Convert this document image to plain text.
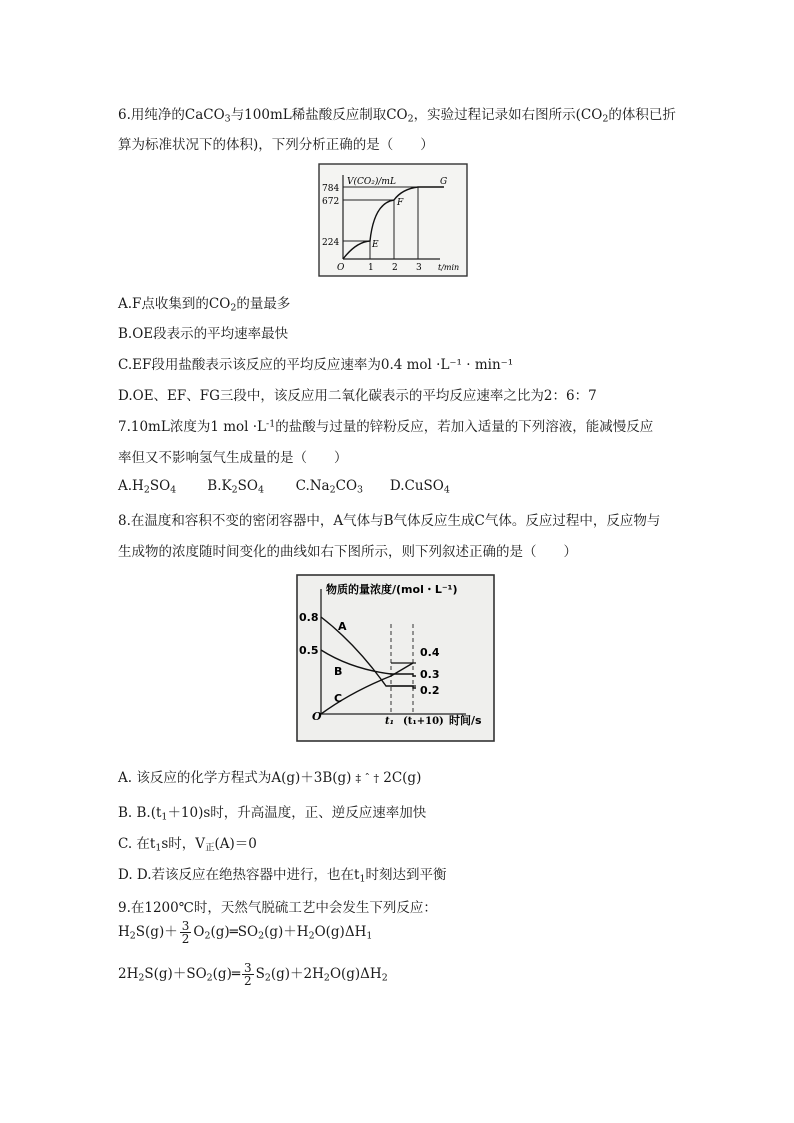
6.用纯净的CaCO$_3$与100mL稀盐酸反应制取$CO_2$，实验过程记录如右图所示($CO_2$的体积已折
算为标准状况下的体积)，下列分析正确的是（　　）
784
672
224
V(CO₂)/mL
O	1 2 3 t/min
E
F
G
A.F点收集到的$CO_2$的量最多
B.OE段表示的平均速率最快
C.EF段用盐酸表示该反应的平均反应速率为0.4 mol ·L⁻¹ · min⁻¹
D.OE、EF、FG三段中，该反应用二氧化碳表示的平均反应速率之比为2：6：7
7.10mL浓度为1 mol $\cdot L^{-1}$的盐酸与过量的锌粉反应，若加入适量的下列溶液，能减慢反应
率但又不影响氢气生成量的是（　　）
$A.H_2SO_4$ $B.K_2SO_4$ $C.Na_2CO_3$ D.CuSO$_4$
8.在温度和容积不变的密闭容器中，A气体与B气体反应生成C气体。反应过程中，反应物与
生成物的浓度随时间变化的曲线如右下图所示，则下列叙述正确的是（　　）
物质的量浓度/(mol・L⁻¹)
0.8
0.5
A
B
C
0.4
0.3
0.2
O	t₁ (t₁+10) 时间/s
A. 该反应的化学方程式为A(g)＋3B(g) ‡ ˆ † 2C(g)
B. $B.(t_1+10)s$时，升高温度，正、逆反应速率加快
C. 在$t_1s$时，$V_正(A)=0$
D. D.若该反应在绝热容器中进行，也在$t_1$时刻达到平衡
9.在1200℃时，天然气脱硫工艺中会发生下列反应：
$H_2S(g)+ \frac{3}{2}$ $O_2(g)═SO_2(g)+H_2O(g)\Delta H_1$
$2H_2S(g)+SO_2(g)═ \frac{3}{2} S_2(g)+2H_2O(g)\Delta H_2$
